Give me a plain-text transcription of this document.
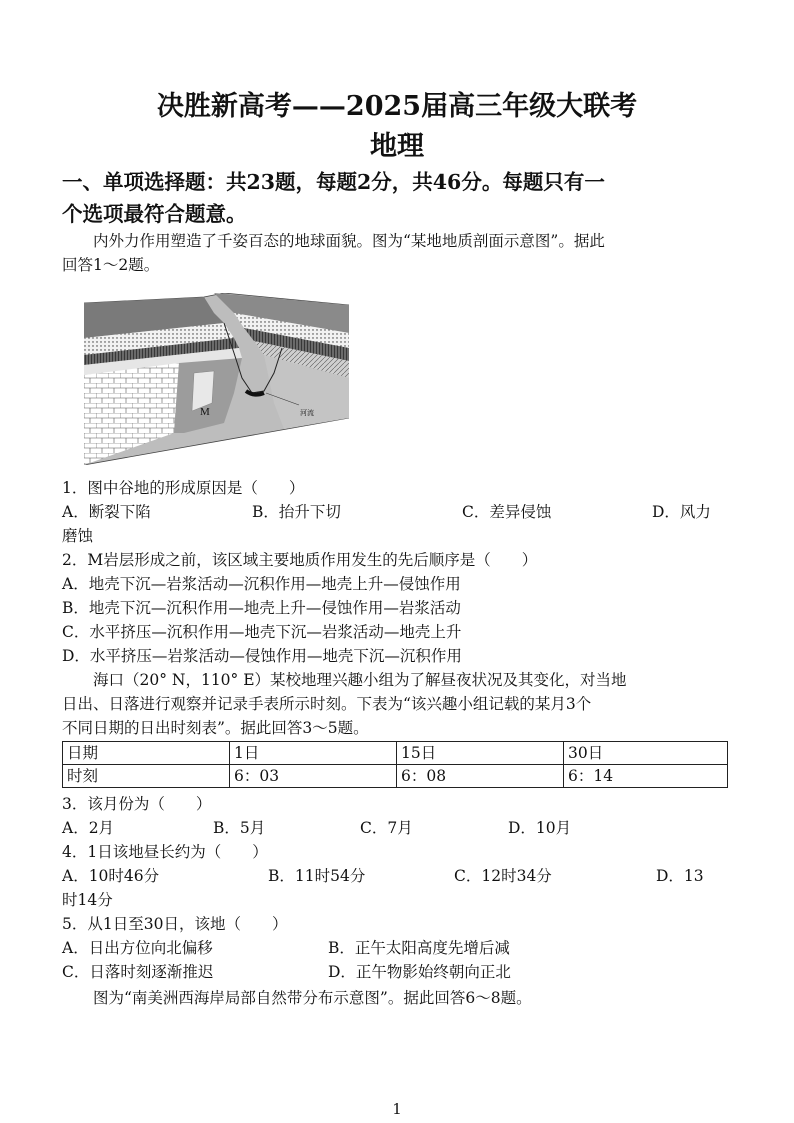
决胜新高考——2025届高三年级大联考
地理
一、单项选择题：共23题，每题2分，共46分。每题只有一
个选项最符合题意。
内外力作用塑造了千姿百态的地球面貌。图为“某地地质剖面示意图”。据此
回答1～2题。
M	河流
1．图中谷地的形成原因是（　　）
A．断裂下陷	B．抬升下切	C．差异侵蚀	D．风力
磨蚀
2．M岩层形成之前，该区域主要地质作用发生的先后顺序是（　　）
A．地壳下沉—岩浆活动—沉积作用—地壳上升—侵蚀作用
B．地壳下沉—沉积作用—地壳上升—侵蚀作用—岩浆活动
C．水平挤压—沉积作用—地壳下沉—岩浆活动—地壳上升
D．水平挤压—岩浆活动—侵蚀作用—地壳下沉—沉积作用
海口（20° N，110° E）某校地理兴趣小组为了解昼夜状况及其变化，对当地
日出、日落进行观察并记录手表所示时刻。下表为“该兴趣小组记载的某月3个
不同日期的日出时刻表”。据此回答3～5题。
日期	1日	15日	30日
时刻	6：03	6：08	6：14
3．该月份为（　　）
A．2月	B．5月	C．7月	D．10月
4．1日该地昼长约为（　　）
A．10时46分	B．11时54分	C．12时34分	D．13
时14分
5．从1日至30日，该地（　　）
A．日出方位向北偏移	B．正午太阳高度先增后减
C．日落时刻逐渐推迟	D．正午物影始终朝向正北
图为“南美洲西海岸局部自然带分布示意图”。据此回答6～8题。
1
